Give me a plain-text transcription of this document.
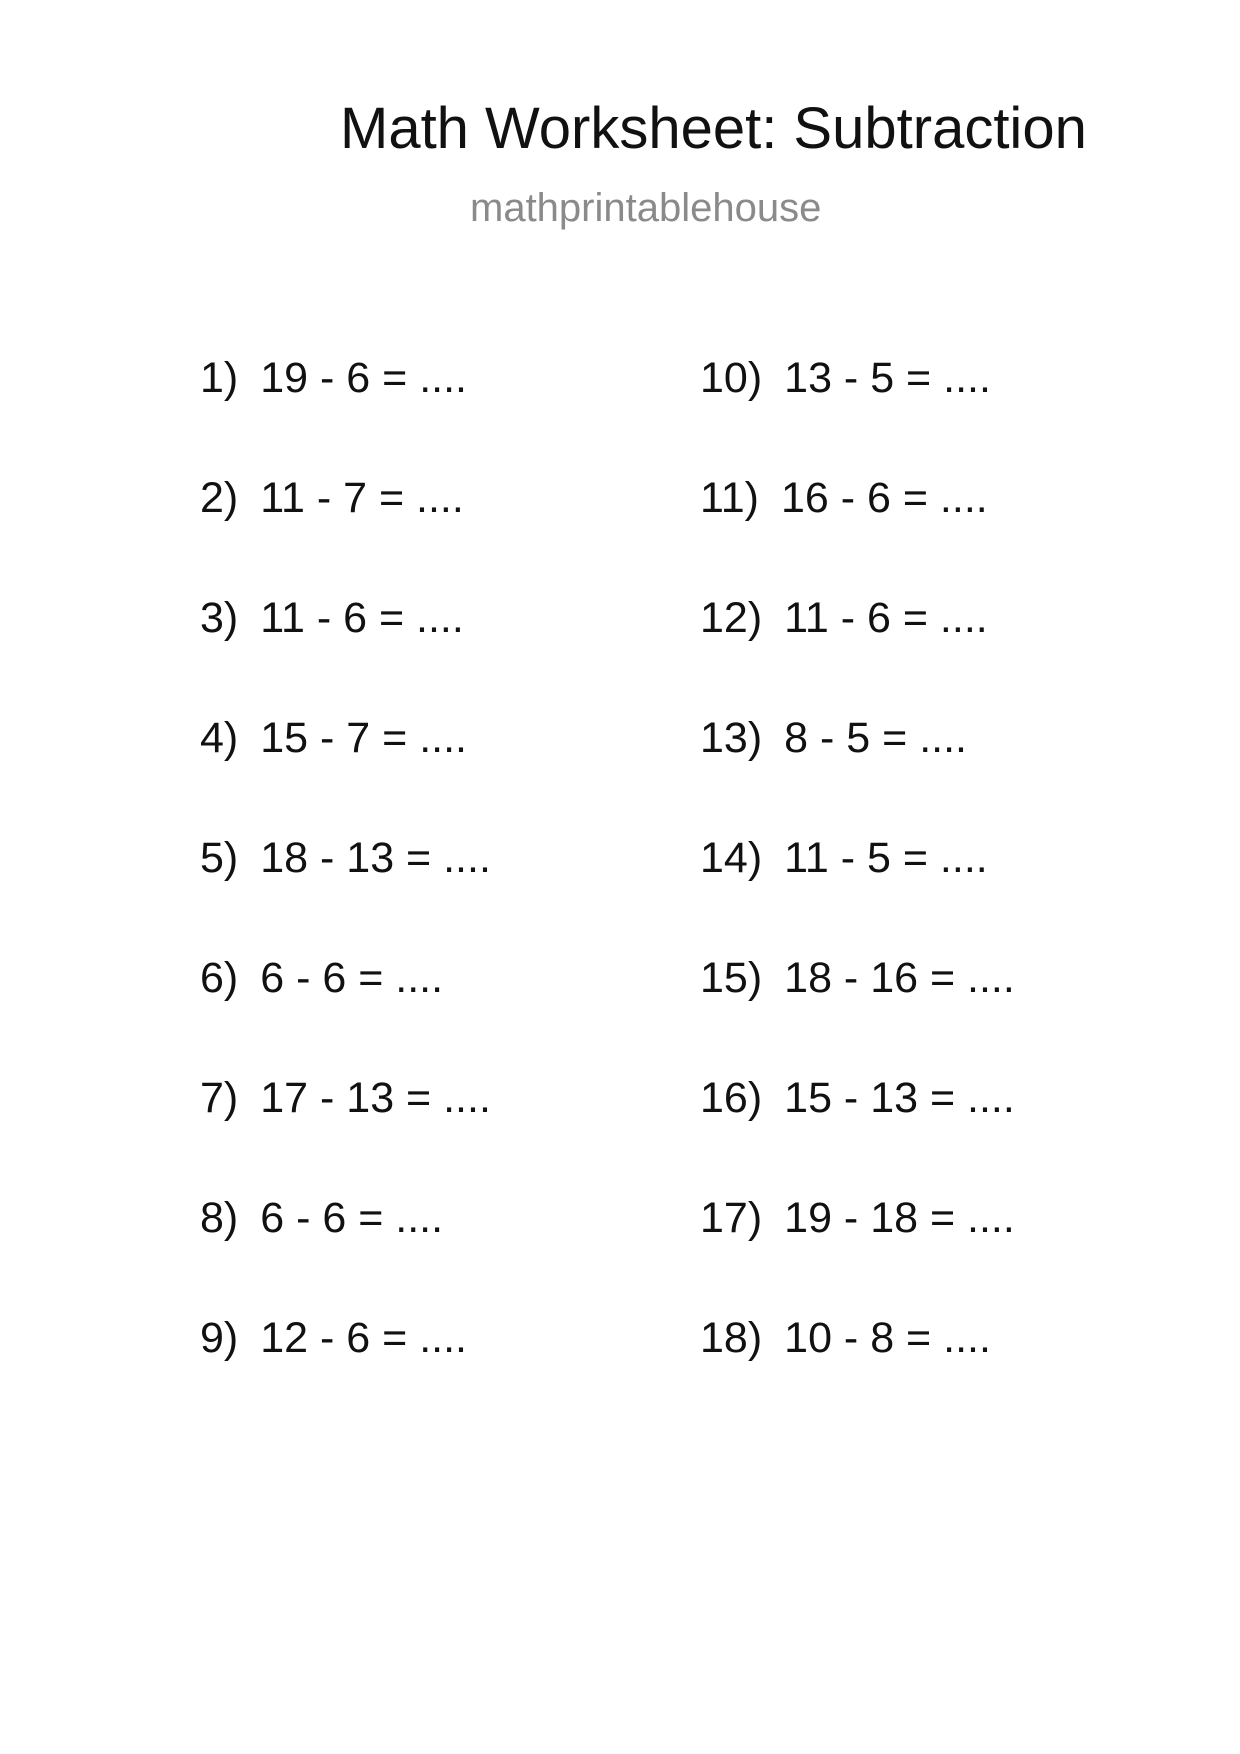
Math Worksheet: Subtraction
mathprintablehouse
1) 19 - 6 = ....
2) 11 - 7 = ....
3) 11 - 6 = ....
4) 15 - 7 = ....
5) 18 - 13 = ....
6) 6 - 6 = ....
7) 17 - 13 = ....
8) 6 - 6 = ....
9) 12 - 6 = ....
10) 13 - 5 = ....
11) 16 - 6 = ....
12) 11 - 6 = ....
13) 8 - 5 = ....
14) 11 - 5 = ....
15) 18 - 16 = ....
16) 15 - 13 = ....
17) 19 - 18 = ....
18) 10 - 8 = ....
